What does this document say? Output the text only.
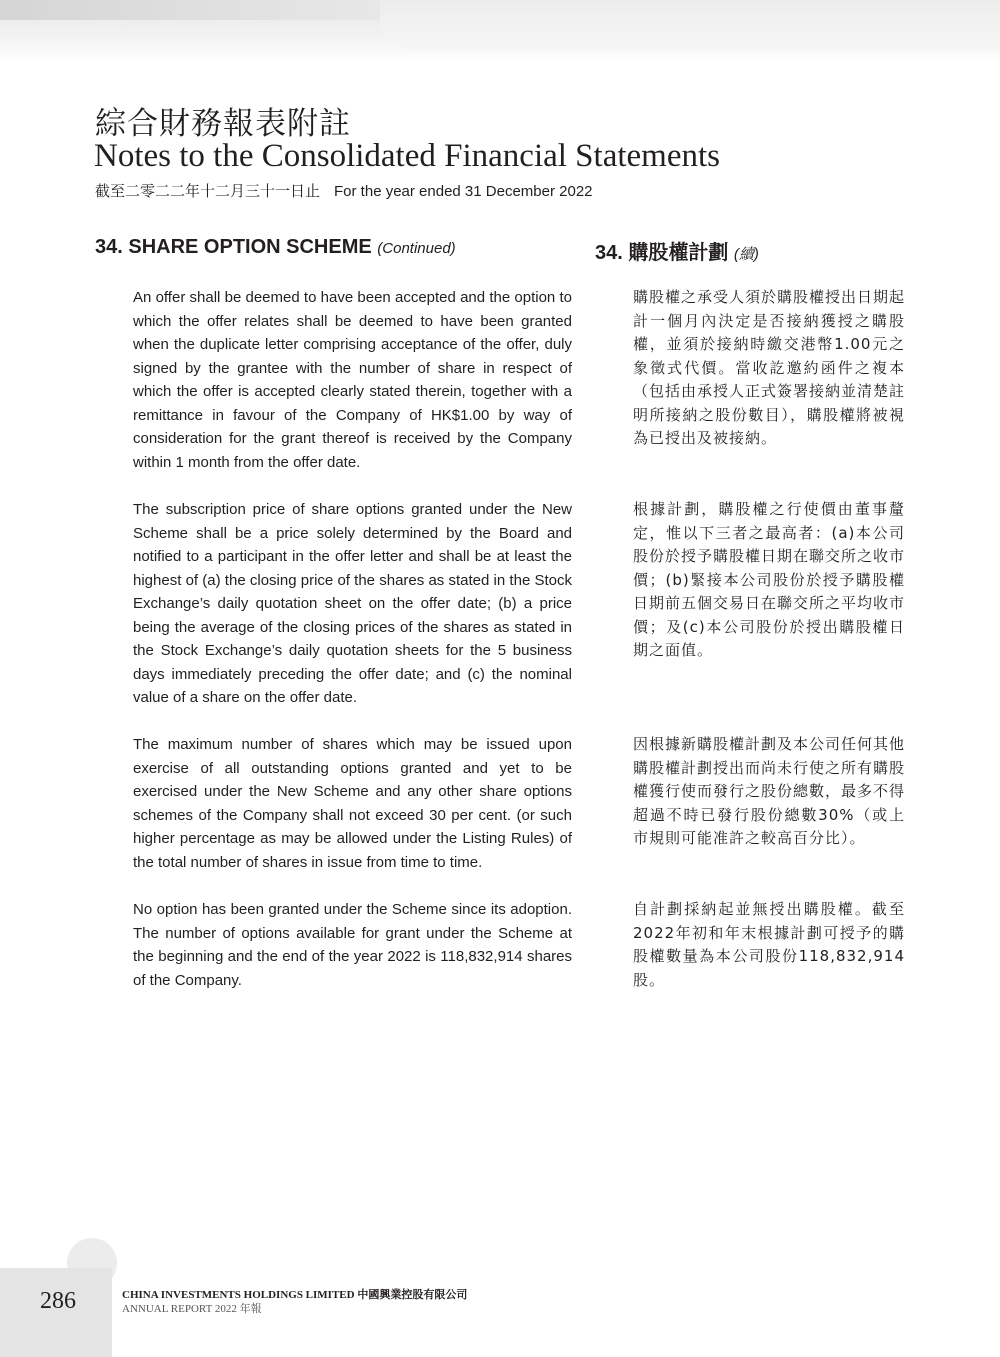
綜合財務報表附註
Notes to the Consolidated Financial Statements
截至二零二二年十二月三十一日止 For the year ended 31 December 2022
34. SHARE OPTION SCHEME (Continued)	34. 購股權計劃 (續)

An offer shall be deemed to have been accepted and the option to which the offer relates shall be deemed to have been granted when the duplicate letter comprising acceptance of the offer, duly signed by the grantee with the number of share in respect of which the offer is accepted clearly stated therein, together with a remittance in favour of the Company of HK$1.00 by way of consideration for the grant thereof is received by the Company within 1 month from the offer date.

The subscription price of share options granted under the New Scheme shall be a price solely determined by the Board and notified to a participant in the offer letter and shall be at least the highest of (a) the closing price of the shares as stated in the Stock Exchange’s daily quotation sheet on the offer date; (b) a price being the average of the closing prices of the shares as stated in the Stock Exchange’s daily quotation sheets for the 5 business days immediately preceding the offer date; and (c) the nominal value of a share on the offer date.

The maximum number of shares which may be issued upon exercise of all outstanding options granted and yet to be exercised under the New Scheme and any other share options schemes of the Company shall not exceed 30 per cent. (or such higher percentage as may be allowed under the Listing Rules) of the total number of shares in issue from time to time.

No option has been granted under the Scheme since its adoption. The number of options available for grant under the Scheme at the beginning and the end of the year 2022 is 118,832,914 shares of the Company.

購股權之承受人須於購股權授出日期起計一個月內決定是否接納獲授之購股權，並須於接納時繳交港幣1.00元之象徵式代價。當收訖邀約函件之複本（包括由承授人正式簽署接納並清楚註明所接納之股份數目），購股權將被視為已授出及被接納。

根據計劃，購股權之行使價由董事釐定，惟以下三者之最高者：(a)本公司股份於授予購股權日期在聯交所之收市價；(b)緊接本公司股份於授予購股權日期前五個交易日在聯交所之平均收市價；及(c)本公司股份於授出購股權日期之面值。

因根據新購股權計劃及本公司任何其他購股權計劃授出而尚未行使之所有購股權獲行使而發行之股份總數，最多不得超過不時已發行股份總數30%（或上市規則可能准許之較高百分比）。

自計劃採納起並無授出購股權。截至2022年初和年末根據計劃可授予的購股權數量為本公司股份118,832,914股。

286	CHINA INVESTMENTS HOLDINGS LIMITED 中國興業控股有限公司
ANNUAL REPORT 2022 年報
